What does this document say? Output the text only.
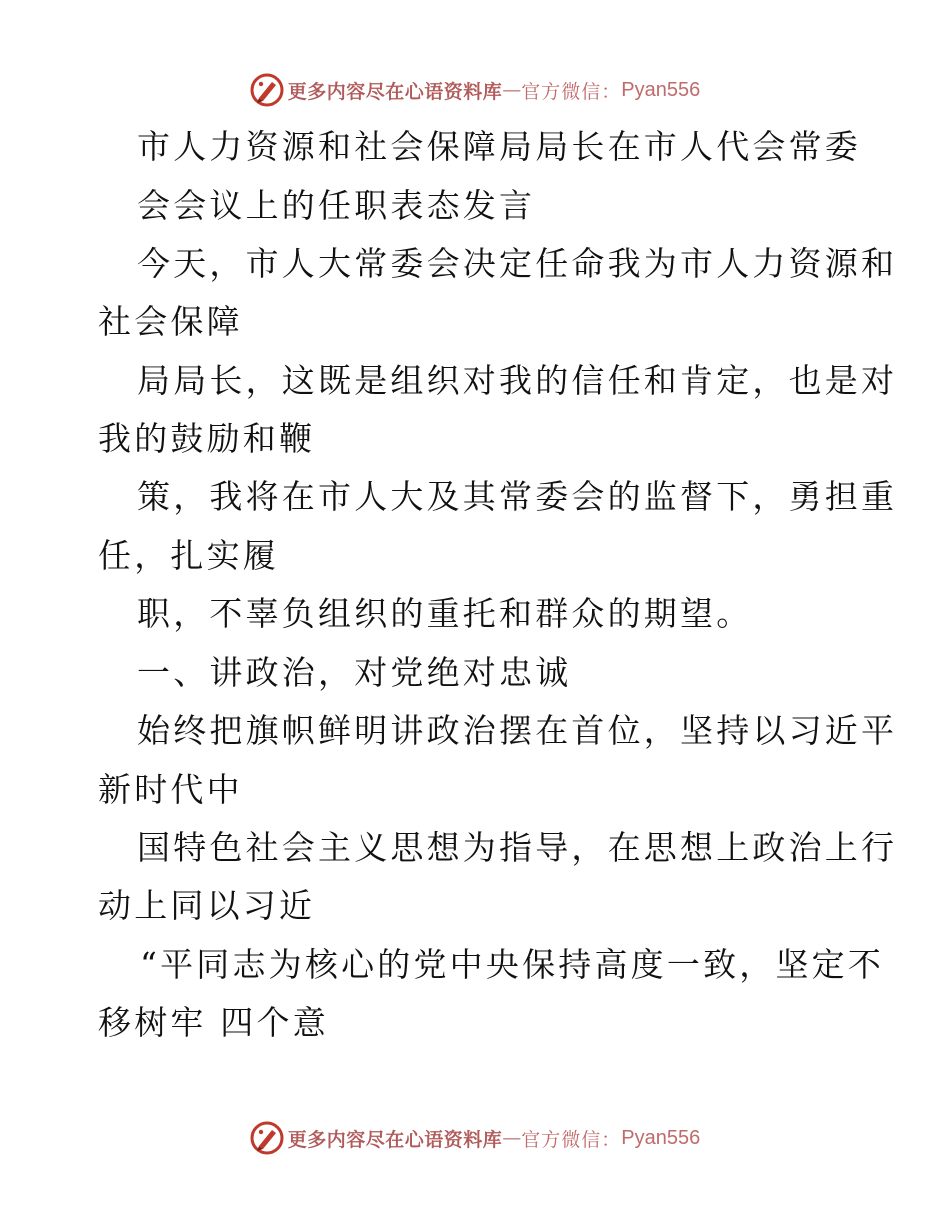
更多内容尽在心语资料库 — 官方微信： Pyan556
市人力资源和社会保障局局长在市人代会常委
会会议上的任职表态发言
今天，市人大常委会决定任命我为市人力资源和
社会保障
局局长，这既是组织对我的信任和肯定，也是对
我的鼓励和鞭
策，我将在市人大及其常委会的监督下，勇担重
任，扎实履
职，不辜负组织的重托和群众的期望。
一、讲政治，对党绝对忠诚
始终把旗帜鲜明讲政治摆在首位，坚持以习近平
新时代中
国特色社会主义思想为指导，在思想上政治上行
动上同以习近
“平同志为核心的党中央保持高度一致，坚定不
移树牢 四个意
更多内容尽在心语资料库 — 官方微信： Pyan556
